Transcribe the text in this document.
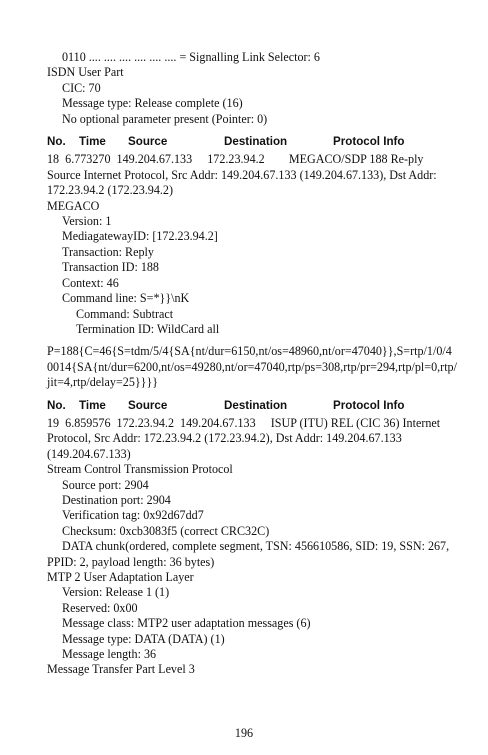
0110 .... .... .... .... .... .... = Signalling Link Selector: 6
ISDN User Part
CIC: 70
Message type: Release complete (16)
No optional parameter present (Pointer: 0)
No. Time Source	Destination	Protocol Info
18  6.773270  149.204.67.133     172.23.94.2        MEGACO/SDP 188 Re-ply  Source Internet Protocol, Src Addr: 149.204.67.133 (149.204.67.133), Dst Addr: 172.23.94.2 (172.23.94.2)
MEGACO
Version: 1
MediagatewayID: [172.23.94.2]
Transaction: Reply
Transaction ID: 188
Context: 46
Command line: S=*}}\nK
Command: Subtract
Termination ID: WildCard all
P=188{C=46{S=tdm/5/4{SA{nt/dur=6150,nt/os=48960,nt/or=47040}},S=rtp/1/0/40014{SA{nt/dur=6200,nt/os=49280,nt/or=47040,rtp/ps=308,rtp/pr=294,rtp/pl=0,rtp/jit=4,rtp/delay=25}}}}
No. Time Source	Destination	Protocol Info
19  6.859576  172.23.94.2  149.204.67.133     ISUP (ITU) REL (CIC 36) Internet Protocol, Src Addr: 172.23.94.2 (172.23.94.2), Dst Addr: 149.204.67.133 (149.204.67.133)
Stream Control Transmission Protocol
Source port: 2904
Destination port: 2904
Verification tag: 0x92d67dd7
Checksum: 0xcb3083f5 (correct CRC32C)
DATA chunk(ordered, complete segment, TSN: 456610586, SID: 19, SSN: 267, PPID: 2, payload length: 36 bytes)
MTP 2 User Adaptation Layer
Version: Release 1 (1)
Reserved: 0x00
Message class: MTP2 user adaptation messages (6)
Message type: DATA (DATA) (1)
Message length: 36
Message Transfer Part Level 3
196
